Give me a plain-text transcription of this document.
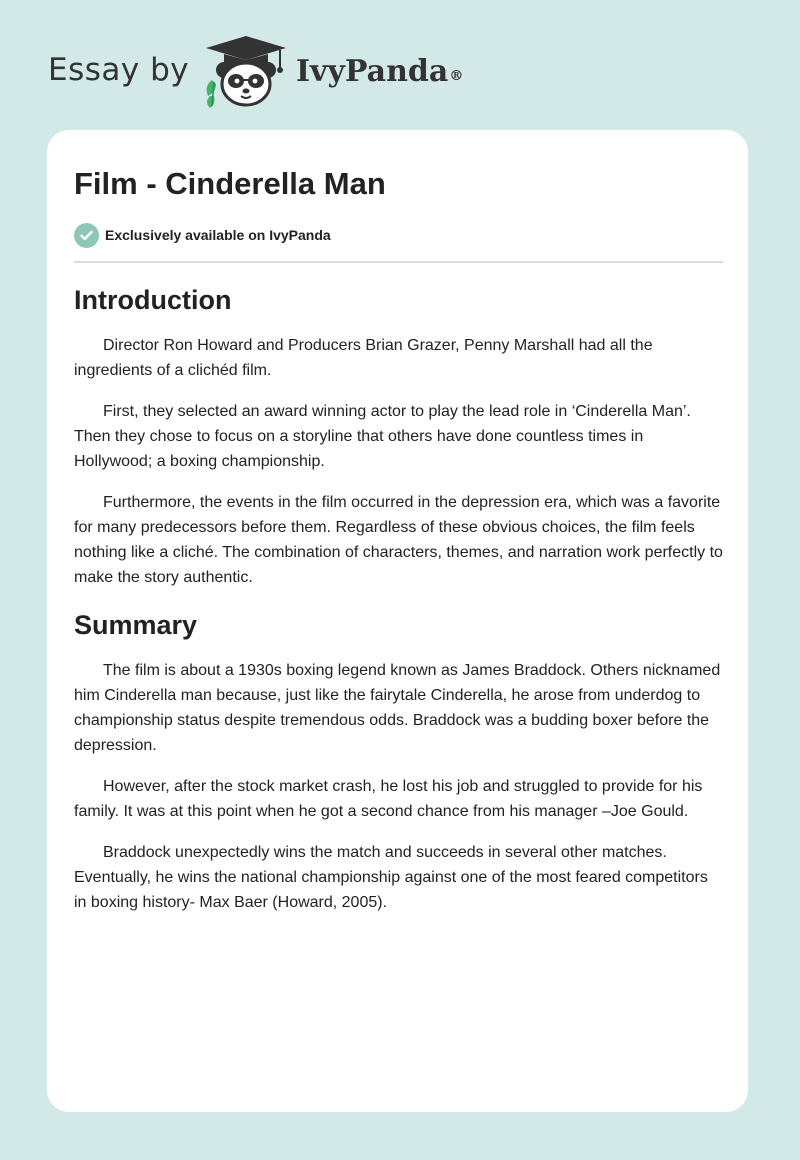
Essay by	IvyPanda®
Film - Cinderella Man
Exclusively available on IvyPanda
Introduction

Director Ron Howard and Producers Brian Grazer, Penny Marshall had all the ingredients of a clichéd film.

First, they selected an award winning actor to play the lead role in ‘Cinderella Man’. Then they chose to focus on a storyline that others have done countless times in Hollywood; a boxing championship.

Furthermore, the events in the film occurred in the depression era, which was a favorite for many predecessors before them. Regardless of these obvious choices, the film feels nothing like a cliché. The combination of characters, themes, and narration work perfectly to make the story authentic.

Summary

The film is about a 1930s boxing legend known as James Braddock. Others nicknamed him Cinderella man because, just like the fairytale Cinderella, he arose from underdog to championship status despite tremendous odds. Braddock was a budding boxer before the depression.

However, after the stock market crash, he lost his job and struggled to provide for his family. It was at this point when he got a second chance from his manager –Joe Gould.

Braddock unexpectedly wins the match and succeeds in several other matches. Eventually, he wins the national championship against one of the most feared competitors in boxing history- Max Baer (Howard, 2005).
